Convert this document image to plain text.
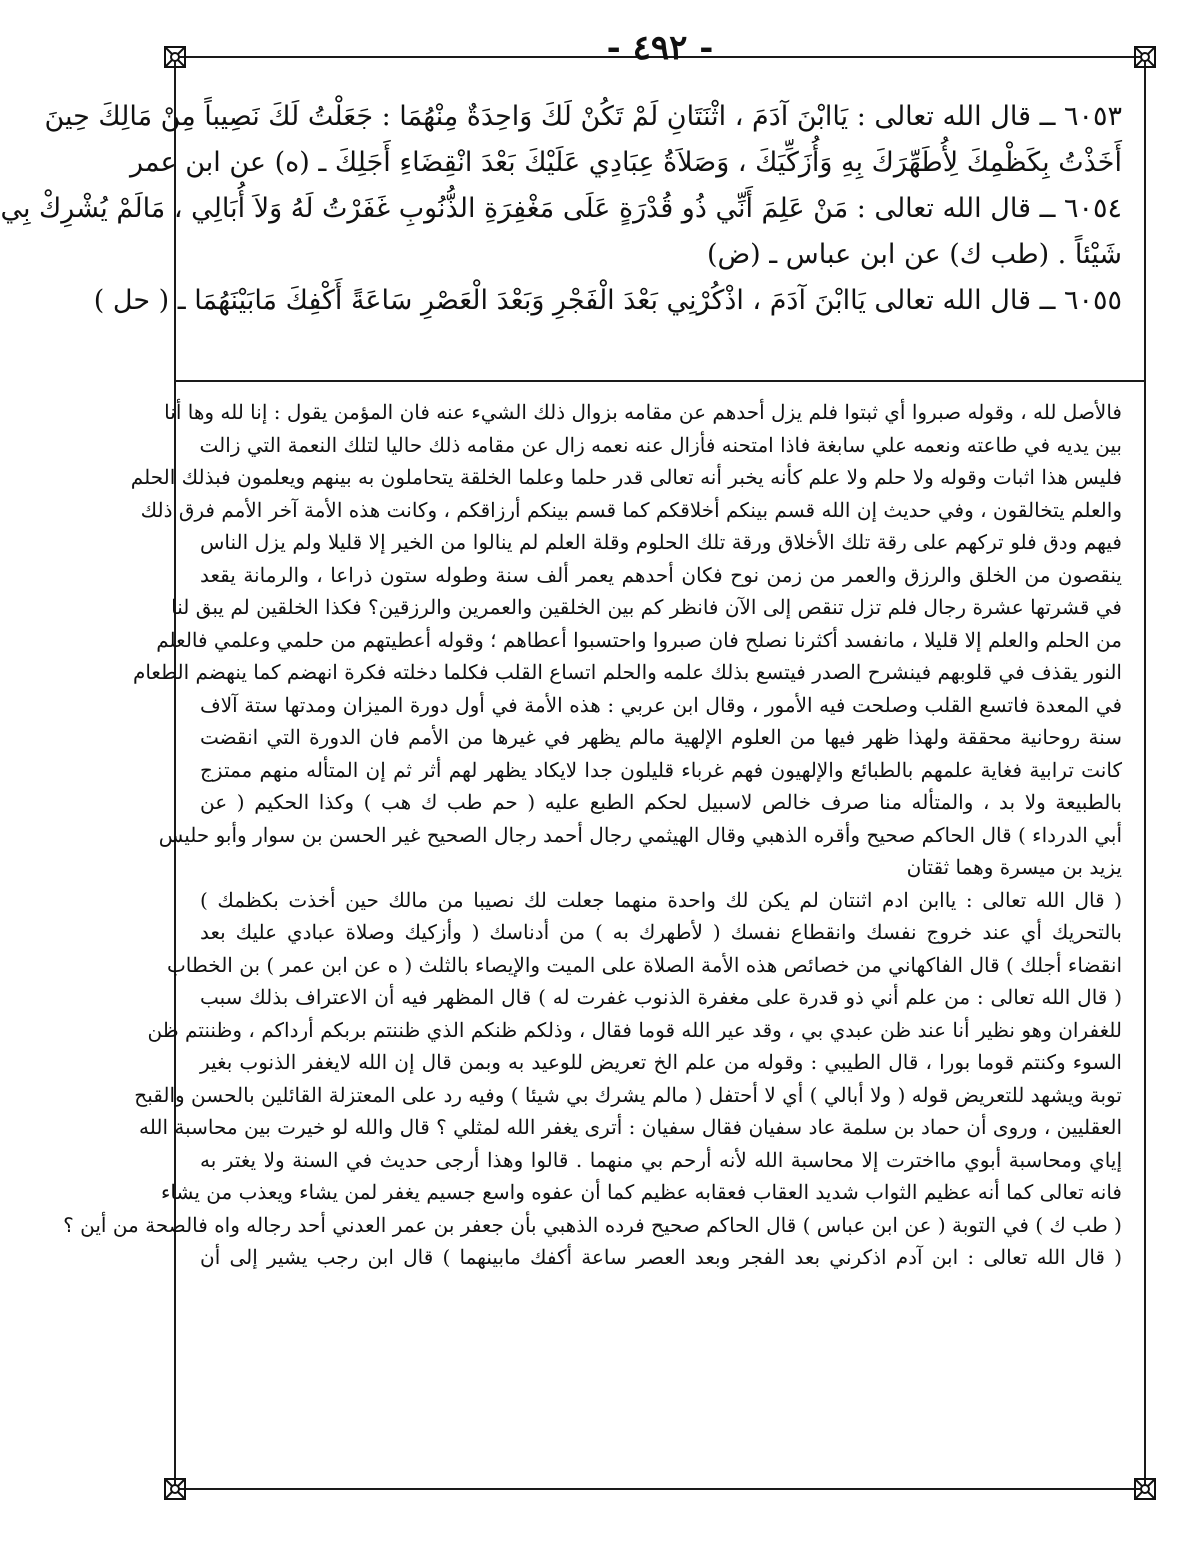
- ٤٩٢ -
٦٠٥٣ ــ قال الله تعالى : يَاابْنَ آدَمَ ، اثْنَتَانِ لَمْ تَكُنْ لَكَ وَاحِدَةٌ مِنْهُمَا : جَعَلْتُ لَكَ نَصِيباً مِنْ مَالِكَ حِينَ
أَخَذْتُ بِكَظْمِكَ لِأُطَهِّرَكَ بِهِ وَأُزَكِّيَكَ ، وَصَلاَةُ عِبَادِي عَلَيْكَ بَعْدَ انْقِضَاءِ أَجَلِكَ ـ (ه) عن ابن عمر
٦٠٥٤ ــ قال الله تعالى : مَنْ عَلِمَ أَنِّي ذُو قُدْرَةٍ عَلَى مَغْفِرَةِ الذُّنُوبِ غَفَرْتُ لَهُ وَلاَ أُبَالِي ، مَالَمْ يُشْرِكْ بِي
شَيْئاً . (طب ك) عن ابن عباس ـ (ض)
٦٠٥٥ ــ قال الله تعالى يَاابْنَ آدَمَ ، اذْكُرْنِي بَعْدَ الْفَجْرِ وَبَعْدَ الْعَصْرِ سَاعَةً أَكْفِكَ مَابَيْنَهُمَا ـ ( حل )
فالأصل لله ، وقوله صبروا أي ثبتوا فلم يزل أحدهم عن مقامه بزوال ذلك الشيء عنه فان المؤمن يقول : إنا لله وها أنا
بين يديه في طاعته ونعمه علي سابغة فاذا امتحنه فأزال عنه نعمه زال عن مقامه ذلك حاليا لتلك النعمة التي زالت
فليس هذا اثبات وقوله ولا حلم ولا علم كأنه يخبر أنه تعالى قدر حلما وعلما الخلقة يتحاملون به بينهم ويعلمون فبذلك الحلم
والعلم يتخالقون ، وفي حديث إن الله قسم بينكم أخلاقكم كما قسم بينكم أرزاقكم ، وكانت هذه الأمة آخر الأمم فرق ذلك
فيهم ودق فلو تركهم على رقة تلك الأخلاق ورقة تلك الحلوم وقلة العلم لم ينالوا من الخير إلا قليلا ولم يزل الناس
ينقصون من الخلق والرزق والعمر من زمن نوح فكان أحدهم يعمر ألف سنة وطوله ستون ذراعا ، والرمانة يقعد
في قشرتها عشرة رجال فلم تزل تنقص إلى الآن فانظر كم بين الخلقين والعمرين والرزقين؟ فكذا الخلقين لم يبق لنا
من الحلم والعلم إلا قليلا ، مانفسد أكثرنا نصلح فان صبروا واحتسبوا أعطاهم ؛ وقوله أعطيتهم من حلمي وعلمي فالعلم
النور يقذف في قلوبهم فينشرح الصدر فيتسع بذلك علمه والحلم اتساع القلب فكلما دخلته فكرة انهضم كما ينهضم الطعام
في المعدة فاتسع القلب وصلحت فيه الأمور ، وقال ابن عربي : هذه الأمة في أول دورة الميزان ومدتها ستة آلاف
سنة روحانية محققة ولهذا ظهر فيها من العلوم الإلهية مالم يظهر في غيرها من الأمم فان الدورة التي انقضت
كانت ترابية فغاية علمهم بالطبائع والإلهيون فهم غرباء قليلون جدا لايكاد يظهر لهم أثر ثم إن المتأله منهم ممتزج
بالطبيعة ولا بد ، والمتأله منا صرف خالص لاسبيل لحكم الطبع عليه ( حم طب ك هب ) وكذا الحكيم ( عن
أبي الدرداء ) قال الحاكم صحيح وأقره الذهبي وقال الهيثمي رجال أحمد رجال الصحيح غير الحسن بن سوار وأبو حليس
يزيد بن ميسرة وهما ثقتان
( قال الله تعالى : ياابن ادم اثنتان لم يكن لك واحدة منهما جعلت لك نصيبا من مالك حين أخذت بكظمك )
بالتحريك أي عند خروج نفسك وانقطاع نفسك ( لأطهرك به ) من أدناسك ( وأزكيك وصلاة عبادي عليك بعد
انقضاء أجلك ) قال الفاكهاني من خصائص هذه الأمة الصلاة على الميت والإيصاء بالثلث ( ه عن ابن عمر ) بن الخطاب
( قال الله تعالى : من علم أني ذو قدرة على مغفرة الذنوب غفرت له ) قال المظهر فيه أن الاعتراف بذلك سبب
للغفران وهو نظير أنا عند ظن عبدي بي ، وقد عير الله قوما فقال ، وذلكم ظنكم الذي ظننتم بربكم أرداكم ، وظننتم ظن
السوء وكنتم قوما بورا ، قال الطيبي : وقوله من علم الخ تعريض للوعيد به وبمن قال إن الله لايغفر الذنوب بغير
توبة ويشهد للتعريض قوله ( ولا أبالي ) أي لا أحتفل ( مالم يشرك بي شيئا ) وفيه رد على المعتزلة القائلين بالحسن والقبح
العقليين ، وروى أن حماد بن سلمة عاد سفيان فقال سفيان : أترى يغفر الله لمثلي ؟ قال والله لو خيرت بين محاسبة الله
إياي ومحاسبة أبوي مااخترت إلا محاسبة الله لأنه أرحم بي منهما . قالوا وهذا أرجى حديث في السنة ولا يغتر به
فانه تعالى كما أنه عظيم الثواب شديد العقاب فعقابه عظيم كما أن عفوه واسع جسيم يغفر لمن يشاء ويعذب من يشاء
( طب ك ) في التوبة ( عن ابن عباس ) قال الحاكم صحيح فرده الذهبي بأن جعفر بن عمر العدني أحد رجاله واه فالصحة من أين ؟
( قال الله تعالى : ابن آدم اذكرني بعد الفجر وبعد العصر ساعة أكفك مابينهما ) قال ابن رجب يشير إلى أن
